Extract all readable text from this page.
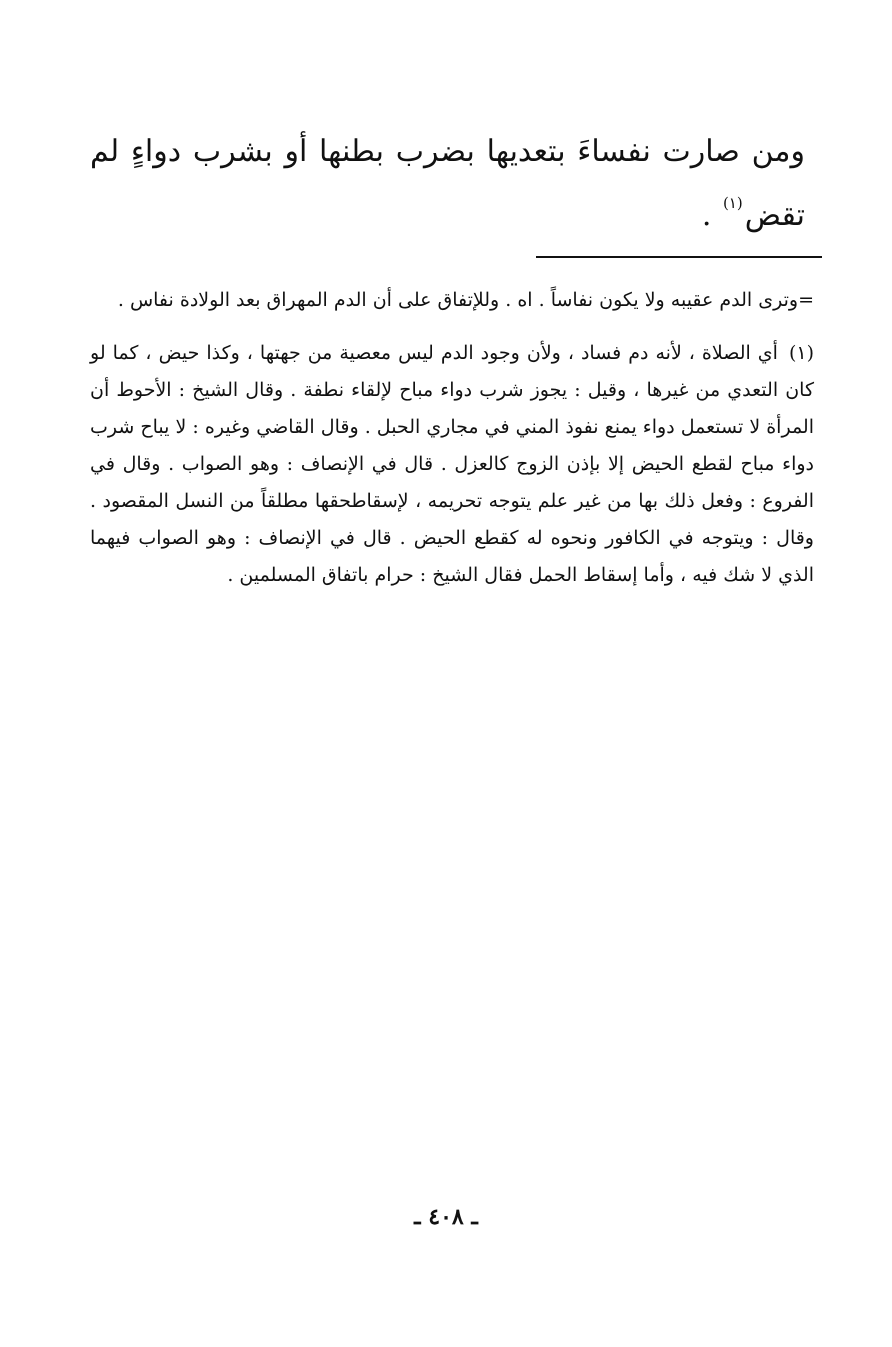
ومن صارت نفساءَ بتعديها بضرب بطنها أو بشرب دواءٍ لم تقض$^{(١)}$ .

=وترى الدم عقيبه ولا يكون نفاساً . اه . وللإتفاق على أن الدم المهراق بعد الولادة نفاس .

(١) أي الصلاة ، لأنه دم فساد ، ولأن وجود الدم ليس معصية من جهتها ، وكذا حيض ، كما لو كان التعدي من غيرها ، وقيل : يجوز شرب دواء مباح لإلقاء نطفة . وقال الشيخ : الأحوط أن المرأة لا تستعمل دواء يمنع نفوذ المني في مجاري الحبل . وقال القاضي وغيره : لا يباح شرب دواء مباح لقطع الحيض إلا بإذن الزوج كالعزل . قال في الإنصاف : وهو الصواب . وقال في الفروع : وفعل ذلك بها من غير علم يتوجه تحريمه ، لإسقاطحقها مطلقاً من النسل المقصود . وقال : ويتوجه في الكافور ونحوه له كقطع الحيض . قال في الإنصاف : وهو الصواب فيهما الذي لا شك فيه ، وأما إسقاط الحمل فقال الشيخ : حرام باتفاق المسلمين .

ـ ٤٠٨ ـ
